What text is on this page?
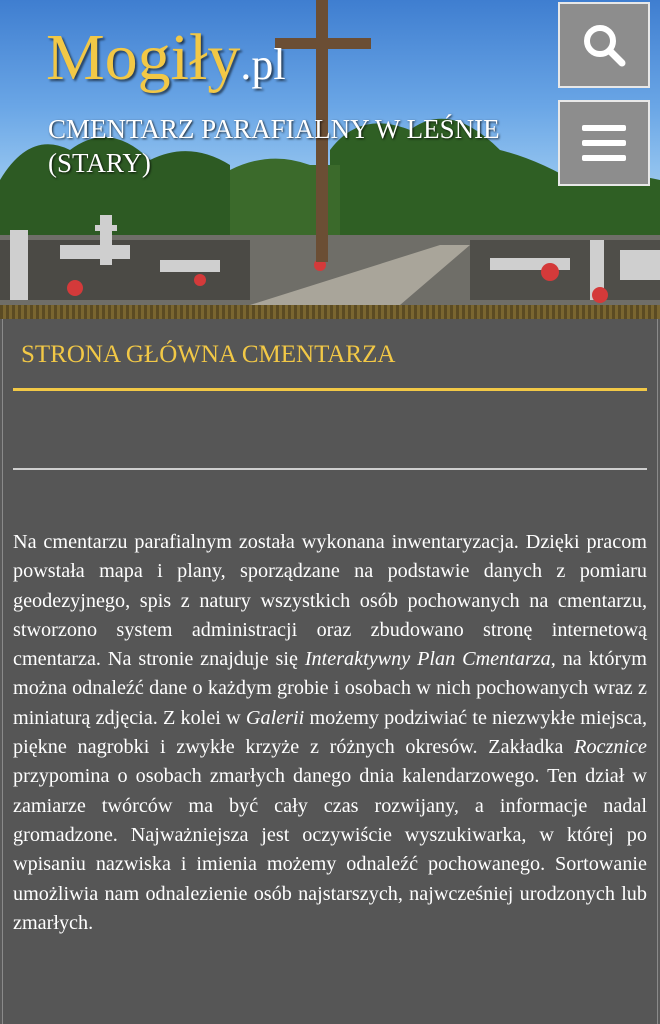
Mogiły.pl
CMENTARZ PARAFIALNY W LEŚNIE (STARY)
STRONA GŁÓWNA CMENTARZA

Na cmentarzu parafialnym została wykonana inwentaryzacja. Dzięki pracom powstała mapa i plany, sporządzane na podstawie danych z pomiaru geodezyjnego, spis z natury wszystkich osób pochowanych na cmentarzu, stworzono system administracji oraz zbudowano stronę internetową cmentarza. Na stronie znajduje się Interaktywny Plan Cmentarza, na którym można odnaleźć dane o każdym grobie i osobach w nich pochowanych wraz z miniaturą zdjęcia. Z kolei w Galerii możemy podziwiać te niezwykłe miejsca, piękne nagrobki i zwykłe krzyże z różnych okresów. Zakładka Rocznice przypomina o osobach zmarłych danego dnia kalendarzowego. Ten dział w zamiarze twórców ma być cały czas rozwijany, a informacje nadal gromadzone. Najważniejsza jest oczywiście wyszukiwarka, w której po wpisaniu nazwiska i imienia możemy odnaleźć pochowanego. Sortowanie umożliwia nam odnalezienie osób najstarszych, najwcześniej urodzonych lub zmarłych.
